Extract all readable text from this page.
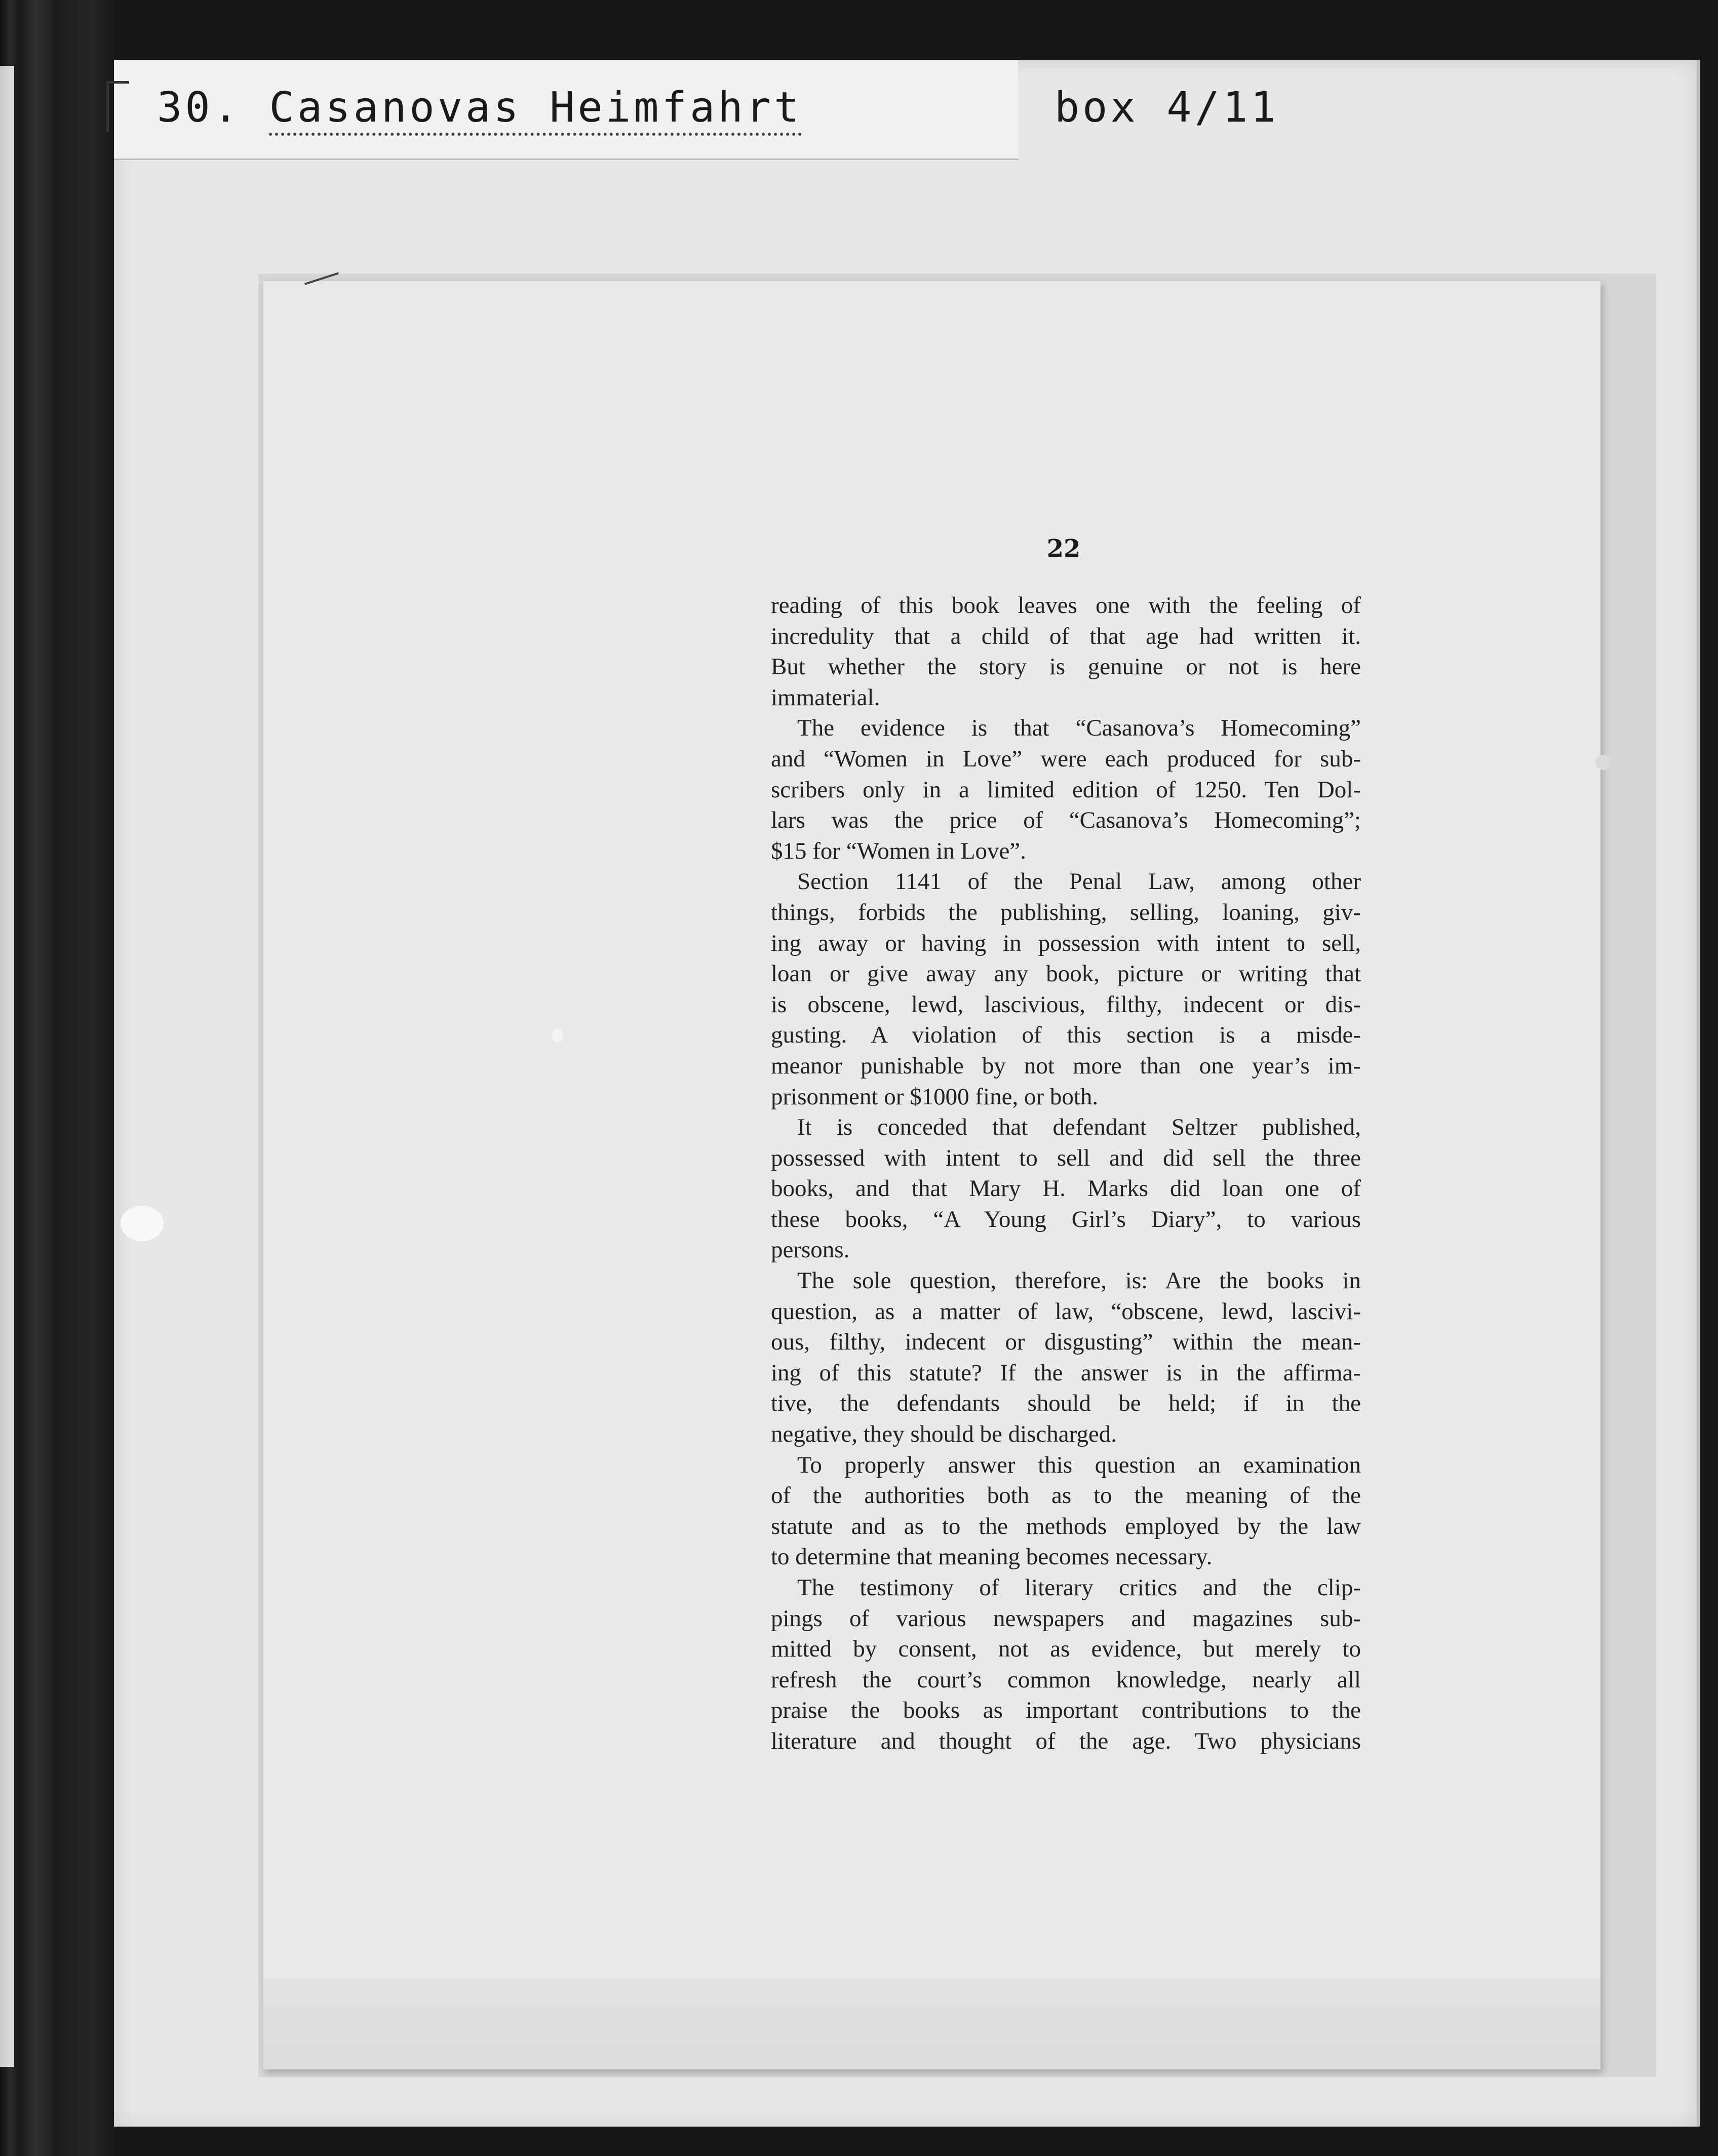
30. Casanovas Heimfahrt	box 4/11
22
reading of this book leaves one with the feeling of
incredulity that a child of that age had written it.
But whether the story is genuine or not is here
immaterial.
The evidence is that “Casanova’s Homecoming”
and “Women in Love” were each produced for sub-
scribers only in a limited edition of 1250. Ten Dol-
lars was the price of “Casanova’s Homecoming”;
$15 for “Women in Love”.
Section 1141 of the Penal Law, among other
things, forbids the publishing, selling, loaning, giv-
ing away or having in possession with intent to sell,
loan or give away any book, picture or writing that
is obscene, lewd, lascivious, filthy, indecent or dis-
gusting. A violation of this section is a misde-
meanor punishable by not more than one year’s im-
prisonment or $1000 fine, or both.
It is conceded that defendant Seltzer published,
possessed with intent to sell and did sell the three
books, and that Mary H. Marks did loan one of
these books, “A Young Girl’s Diary”, to various
persons.
The sole question, therefore, is: Are the books in
question, as a matter of law, “obscene, lewd, lascivi-
ous, filthy, indecent or disgusting” within the mean-
ing of this statute? If the answer is in the affirma-
tive, the defendants should be held; if in the
negative, they should be discharged.
To properly answer this question an examination
of the authorities both as to the meaning of the
statute and as to the methods employed by the law
to determine that meaning becomes necessary.
The testimony of literary critics and the clip-
pings of various newspapers and magazines sub-
mitted by consent, not as evidence, but merely to
refresh the court’s common knowledge, nearly all
praise the books as important contributions to the
literature and thought of the age. Two physicians
